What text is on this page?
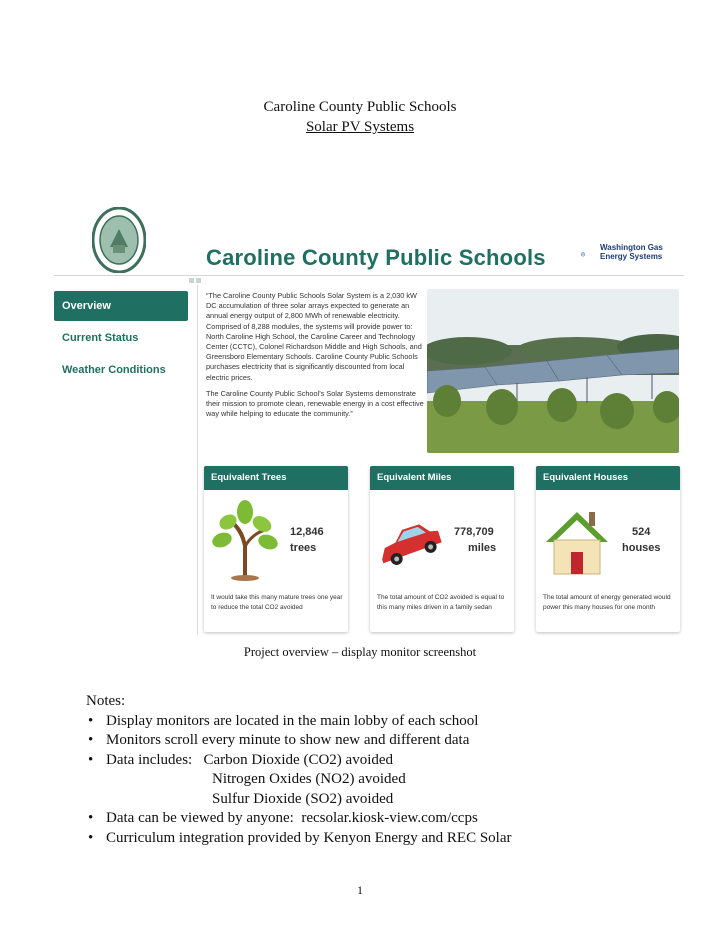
Caroline County Public Schools
Solar PV Systems
Caroline County Public Schools	Washington Gas
Energy Systems
Overview
Current Status
Weather Conditions

“The Caroline County Public Schools Solar System is a 2,030 kW DC accumulation of three solar arrays expected to generate an annual energy output of 2,800 MWh of renewable electricity. Comprised of 8,288 modules, the systems will provide power to: North Caroline High School, the Caroline Career and Technology Center (CCTC), Colonel Richardson Middle and High Schools, and Greensboro Elementary Schools. Caroline County Public Schools purchases electricity that is significantly discounted from local electric prices.

The Caroline County Public School’s Solar Systems demonstrate their mission to promote clean, renewable energy in a cost effective way while helping to educate the community.”

Equivalent Trees
12,846
trees
It would take this many mature trees one year to reduce the total CO2 avoided
Equivalent Miles
778,709
miles
The total amount of CO2 avoided is equal to this many miles driven in a family sedan
Equivalent Houses
524
houses
The total amount of energy generated would power this many houses for one month
Project overview – display monitor screenshot

Notes:

• Display monitors are located in the main lobby of each school
• Monitors scroll every minute to show new and different data
• Data includes:   Carbon Dioxide (CO2) avoided
Nitrogen Oxides (NO2) avoided
Sulfur Dioxide (SO2) avoided
• Data can be viewed by anyone:  recsolar.kiosk-view.com/ccps
• Curriculum integration provided by Kenyon Energy and REC Solar
1
